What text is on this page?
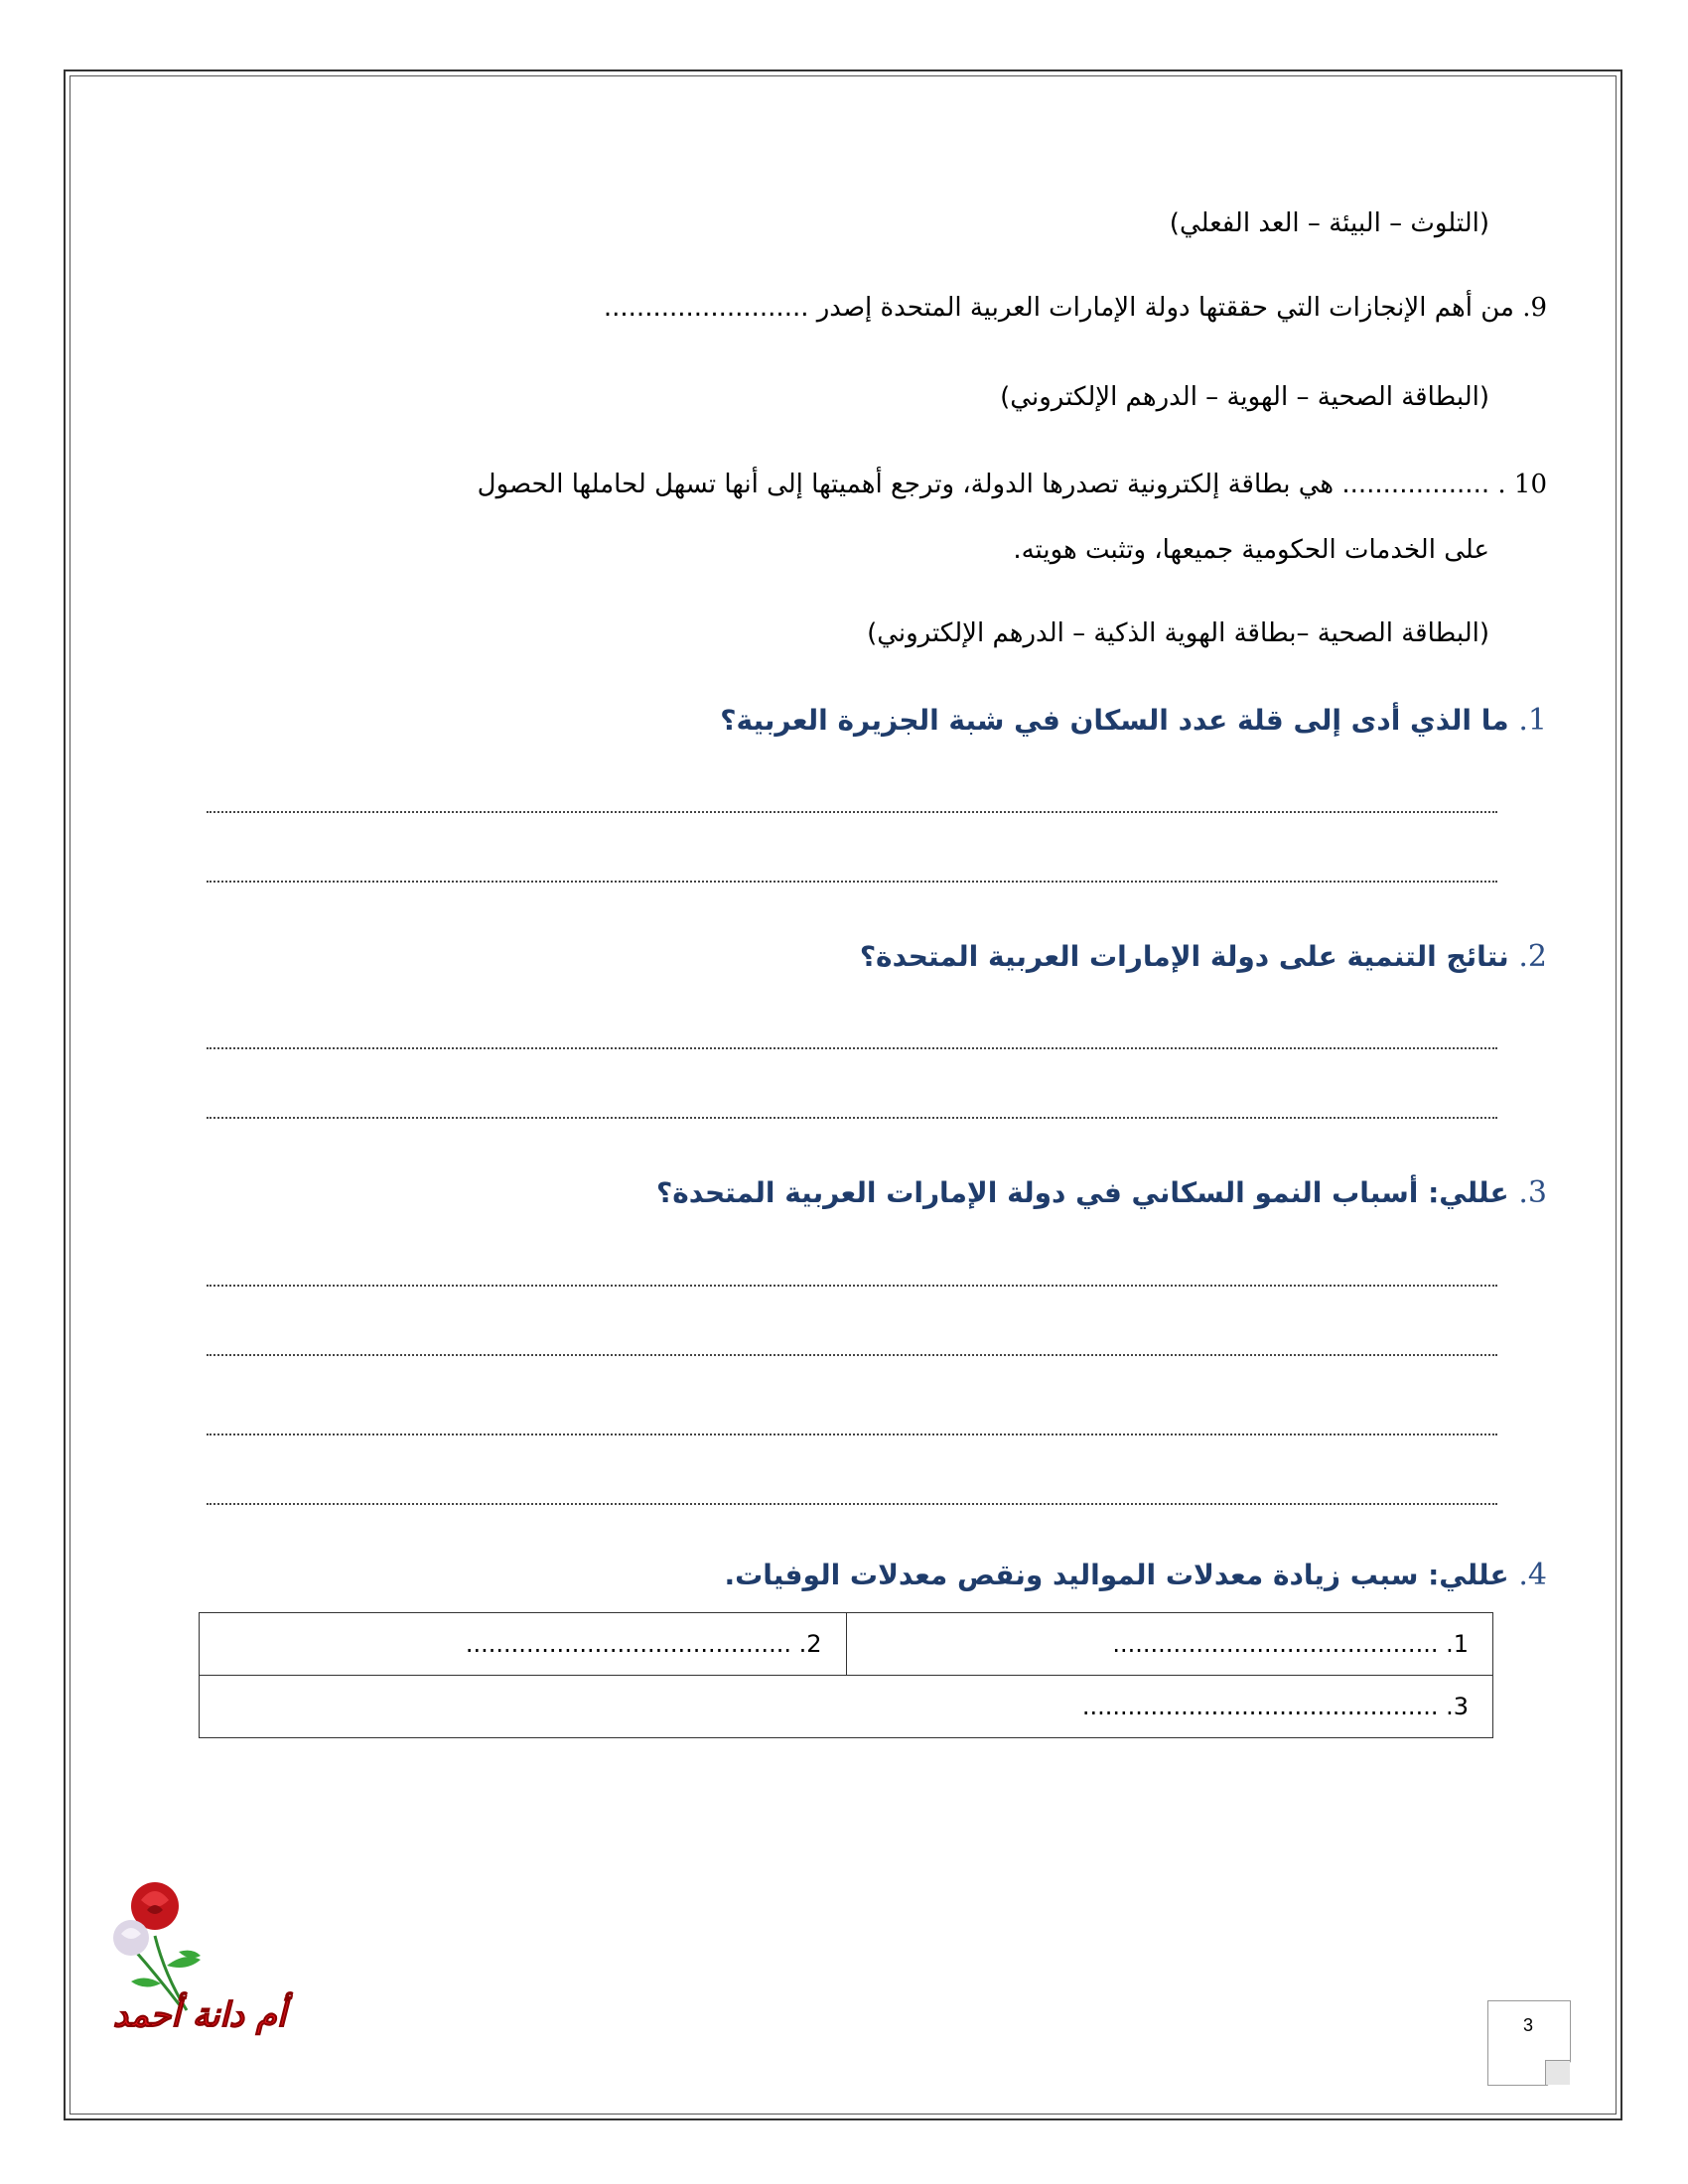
(التلوث – البيئة – العد الفعلي)
9. من أهم الإنجازات التي حققتها دولة الإمارات العربية المتحدة إصدر .........................
(البطاقة الصحية – الهوية – الدرهم الإلكتروني)
10 . .................. هي بطاقة إلكترونية تصدرها الدولة، وترجع أهميتها إلى أنها تسهل لحاملها الحصول
على الخدمات الحكومية جميعها، وتثبت هويته.
(البطاقة الصحية –بطاقة الهوية الذكية – الدرهم الإلكتروني)
1. ما الذي أدى إلى قلة عدد السكان في شبة الجزيرة العربية؟
2. نتائج التنمية على دولة الإمارات العربية المتحدة؟
3. عللي: أسباب النمو السكاني في دولة الإمارات العربية المتحدة؟
4. عللي: سبب زيادة معدلات المواليد ونقص معدلات الوفيات.
1. ...........................................	2. ...........................................
3. ...............................................
أم دانة أحمد	3
